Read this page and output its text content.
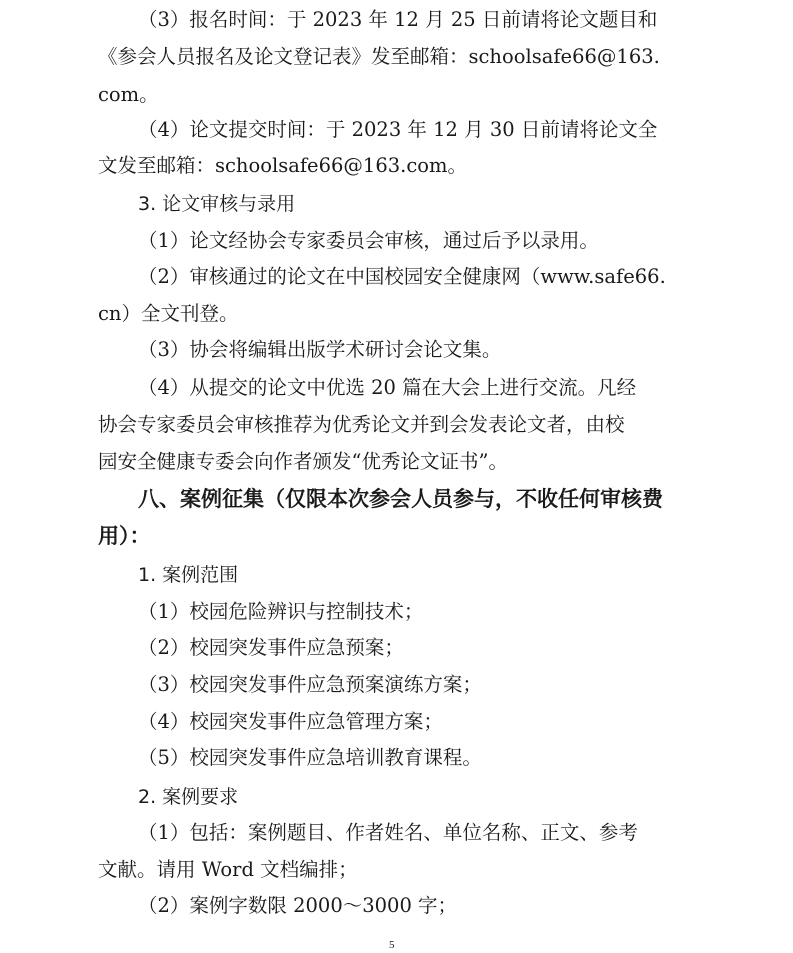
（3）报名时间：于 2023 年 12 月 25 日前请将论文题目和
《参会人员报名及论文登记表》发至邮箱：schoolsafe66@163.
com。
（4）论文提交时间：于 2023 年 12 月 30 日前请将论文全
文发至邮箱：schoolsafe66@163.com。
3. 论文审核与录用
（1）论文经协会专家委员会审核，通过后予以录用。
（2）审核通过的论文在中国校园安全健康网（www.safe66.
cn）全文刊登。
（3）协会将编辑出版学术研讨会论文集。
（4）从提交的论文中优选 20 篇在大会上进行交流。凡经
协会专家委员会审核推荐为优秀论文并到会发表论文者，由校
园安全健康专委会向作者颁发“优秀论文证书”。
八、案例征集（仅限本次参会人员参与，不收任何审核费
用）：
1. 案例范围
（1）校园危险辨识与控制技术；
（2）校园突发事件应急预案；
（3）校园突发事件应急预案演练方案；
（4）校园突发事件应急管理方案；
（5）校园突发事件应急培训教育课程。
2. 案例要求
（1）包括：案例题目、作者姓名、单位名称、正文、参考
文献。请用 Word 文档编排；
（2）案例字数限 2000～3000 字；
5
